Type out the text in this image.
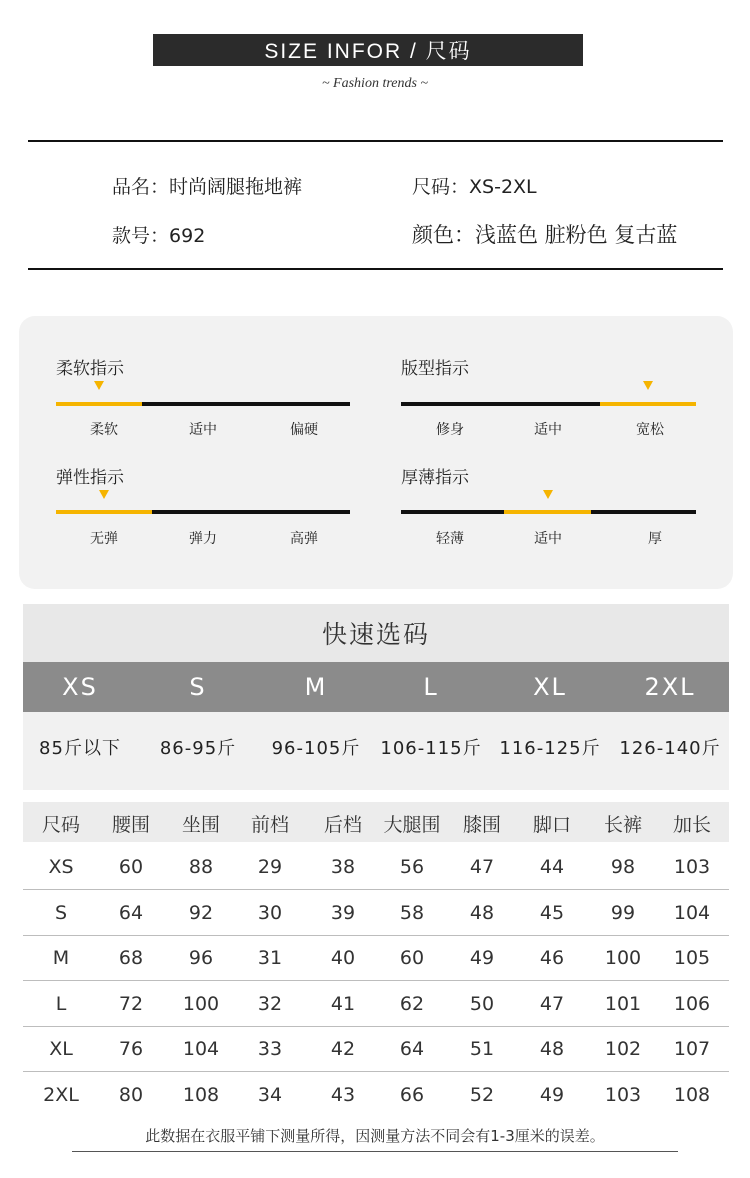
SIZE INFOR / 尺码
~ Fashion trends ~
品名：时尚阔腿拖地裤	尺码：XS-2XL
款号：692	颜色：浅蓝色 脏粉色 复古蓝
柔软指示
柔软	适中	偏硬
版型指示
修身	适中	宽松
弹性指示
无弹	弹力	高弹
厚薄指示
轻薄	适中	厚
快速选码
XS	S	M	L	XL	2XL
85斤以下	86-95斤	96-105斤	106-115斤 116-125斤	126-140斤
尺码	腰围	坐围	前档	后档	大腿围	膝围	脚口	长裤	加长
XS	60	88	29	38	56	47	44	98	103
S	64	92	30	39	58	48	45	99	104
M	68	96	31	40	60	49	46	100	105
L	72	100	32	41	62	50	47	101	106
XL	76	104	33	42	64	51	48	102	107
2XL	80	108	34	43	66	52	49	103	108
此数据在衣服平铺下测量所得，因测量方法不同会有1-3厘米的误差。
